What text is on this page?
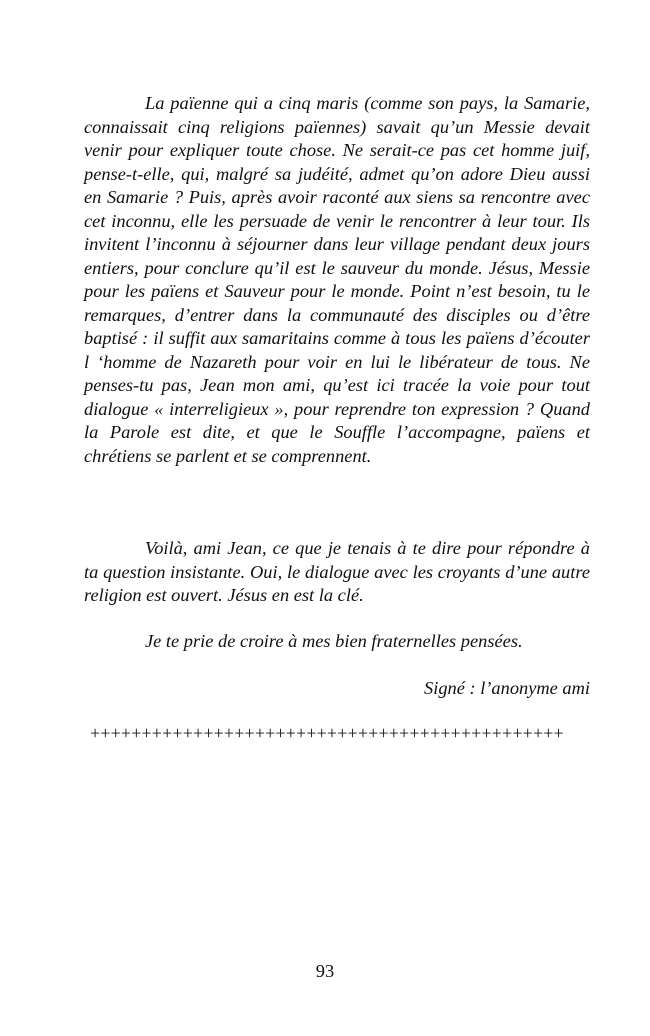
La païenne qui a cinq maris (comme son pays, la Samarie, connaissait cinq religions païennes) savait qu’un Messie devait venir pour expliquer toute chose. Ne serait-ce pas cet homme juif, pense-t-elle, qui, malgré sa judéité, admet qu’on adore Dieu aussi en Samarie ? Puis, après avoir raconté aux siens sa rencontre avec cet inconnu, elle les persuade de venir le rencontrer à leur tour. Ils invitent l’inconnu à séjourner dans leur village pendant deux jours entiers, pour conclure qu’il est le sauveur du monde. Jésus, Messie pour les païens et Sauveur pour le monde. Point n’est besoin, tu le remarques, d’entrer dans la communauté des disciples ou d’être baptisé : il suffit aux samaritains comme à tous les païens d’écouter l ‘homme de Nazareth pour voir en lui le libérateur de tous. Ne penses-tu pas, Jean mon ami, qu’est ici tracée la voie pour tout dialogue « interreligieux », pour reprendre ton expression ? Quand la Parole est dite, et que le Souffle l’accompagne, païens et chrétiens se parlent et se comprennent.

Voilà, ami Jean, ce que je tenais à te dire pour répondre à ta question insistante. Oui, le dialogue avec les croyants d’une autre religion est ouvert. Jésus en est la clé.

Je te prie de croire à mes bien fraternelles pensées.

Signé : l’anonyme ami
++++++++++++++++++++++++++++++++++++++++++++++
93
